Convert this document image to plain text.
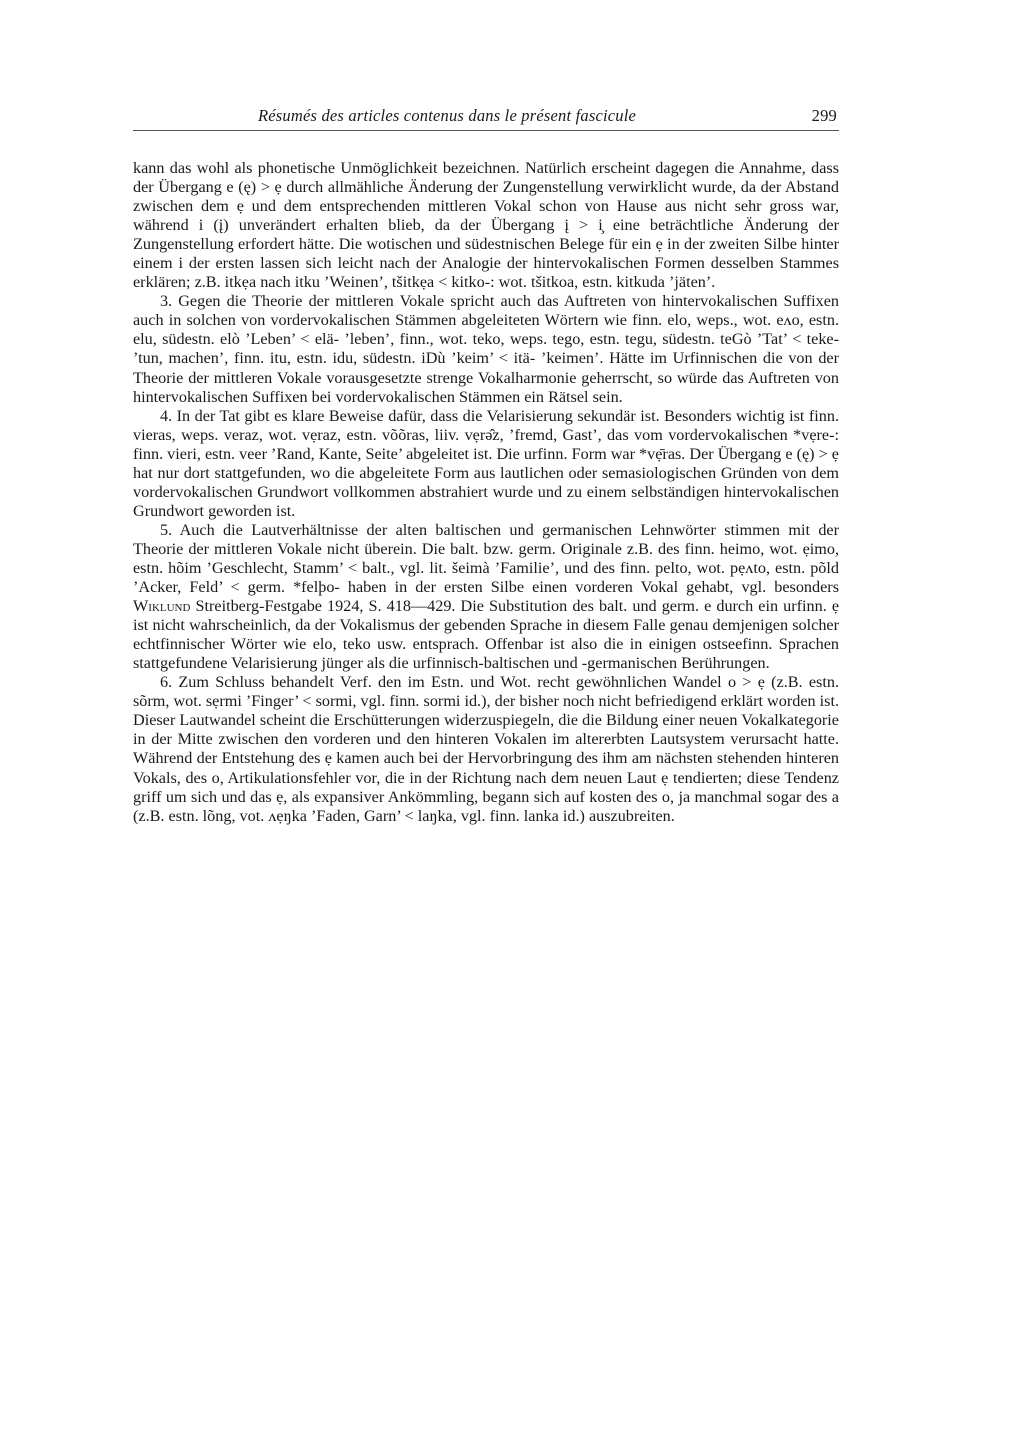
Résumés des articles contenus dans le présent fascicule	299

kann das wohl als phonetische Unmöglichkeit bezeichnen. Natürlich erscheint dagegen die Annahme, dass der Übergang e (ę) > ẹ durch allmähliche Änderung der Zungenstellung verwirklicht wurde, da der Abstand zwischen dem ẹ und dem entsprechenden mittleren Vokal schon von Hause aus nicht sehr gross war, während i (į) unverändert erhalten blieb, da der Übergang į > i̧ eine beträchtliche Änderung der Zungenstellung erfordert hätte. Die wotischen und südestnischen Belege für ein ẹ in der zweiten Silbe hinter einem i der ersten lassen sich leicht nach der Analogie der hintervokalischen Formen desselben Stammes erklären; z.B. itkẹa nach itku ’Weinen’, tšitkẹa < kitko-: wot. tšitkoa, estn. kitkuda ’jäten’.

3. Gegen die Theorie der mittleren Vokale spricht auch das Auftreten von hintervokalischen Suffixen auch in solchen von vordervokalischen Stämmen abgeleiteten Wörtern wie finn. elo, weps., wot. eʌo, estn. elu, südestn. elò ’Leben’ < elä- ’leben’, finn., wot. teko, weps. tego, estn. tegu, südestn. teGò ’Tat’ < teke- ’tun, machen’, finn. itu, estn. idu, südestn. iDù ’keim’ < itä- ’keimen’. Hätte im Urfinnischen die von der Theorie der mittleren Vokale vorausgesetzte strenge Vokalharmonie geherrscht, so würde das Auftreten von hintervokalischen Suffixen bei vordervokalischen Stämmen ein Rätsel sein.

4. In der Tat gibt es klare Beweise dafür, dass die Velarisierung sekundär ist. Besonders wichtig ist finn. vieras, weps. veraz, wot. vẹraz, estn. võõras, liiv. vẹrə̂z, ’fremd, Gast’, das vom vordervokalischen *vẹre-: finn. vieri, estn. veer ’Rand, Kante, Seite’ abgeleitet ist. Die urfinn. Form war *vẹ̄ras. Der Übergang e (ę) > ẹ hat nur dort stattgefunden, wo die abgeleitete Form aus lautlichen oder semasiologischen Gründen von dem vordervokalischen Grundwort vollkommen abstrahiert wurde und zu einem selbständigen hintervokalischen Grundwort geworden ist.

5. Auch die Lautverhältnisse der alten baltischen und germanischen Lehnwörter stimmen mit der Theorie der mittleren Vokale nicht überein. Die balt. bzw. germ. Originale z.B. des finn. heimo, wot. ẹimo, estn. hõim ’Geschlecht, Stamm’ < balt., vgl. lit. šeimà ’Familie’, und des finn. pelto, wot. pẹʌto, estn. põld ’Acker, Feld’ < germ. *felþo- haben in der ersten Silbe einen vorderen Vokal gehabt, vgl. besonders Wiklund Streitberg-Festgabe 1924, S. 418—429. Die Substitution des balt. und germ. e durch ein urfinn. ẹ ist nicht wahrscheinlich, da der Vokalismus der gebenden Sprache in diesem Falle genau demjenigen solcher echtfinnischer Wörter wie elo, teko usw. entsprach. Offenbar ist also die in einigen ostseefinn. Sprachen stattgefundene Velarisierung jünger als die urfinnisch-baltischen und -germanischen Berührungen.

6. Zum Schluss behandelt Verf. den im Estn. und Wot. recht gewöhnlichen Wandel o > ẹ (z.B. estn. sõrm, wot. sẹrmi ’Finger’ < sormi, vgl. finn. sormi id.), der bisher noch nicht befriedigend erklärt worden ist. Dieser Lautwandel scheint die Erschütterungen widerzuspiegeln, die die Bildung einer neuen Vokalkategorie in der Mitte zwischen den vorderen und den hinteren Vokalen im altererbten Lautsystem verursacht hatte. Während der Entstehung des ẹ kamen auch bei der Hervorbringung des ihm am nächsten stehenden hinteren Vokals, des o, Artikulationsfehler vor, die in der Richtung nach dem neuen Laut ẹ tendierten; diese Tendenz griff um sich und das ẹ, als expansiver Ankömmling, begann sich auf kosten des o, ja manchmal sogar des a (z.B. estn. lõng, vot. ʌẹŋka ’Faden, Garn’ < laŋka, vgl. finn. lanka id.) auszubreiten.
